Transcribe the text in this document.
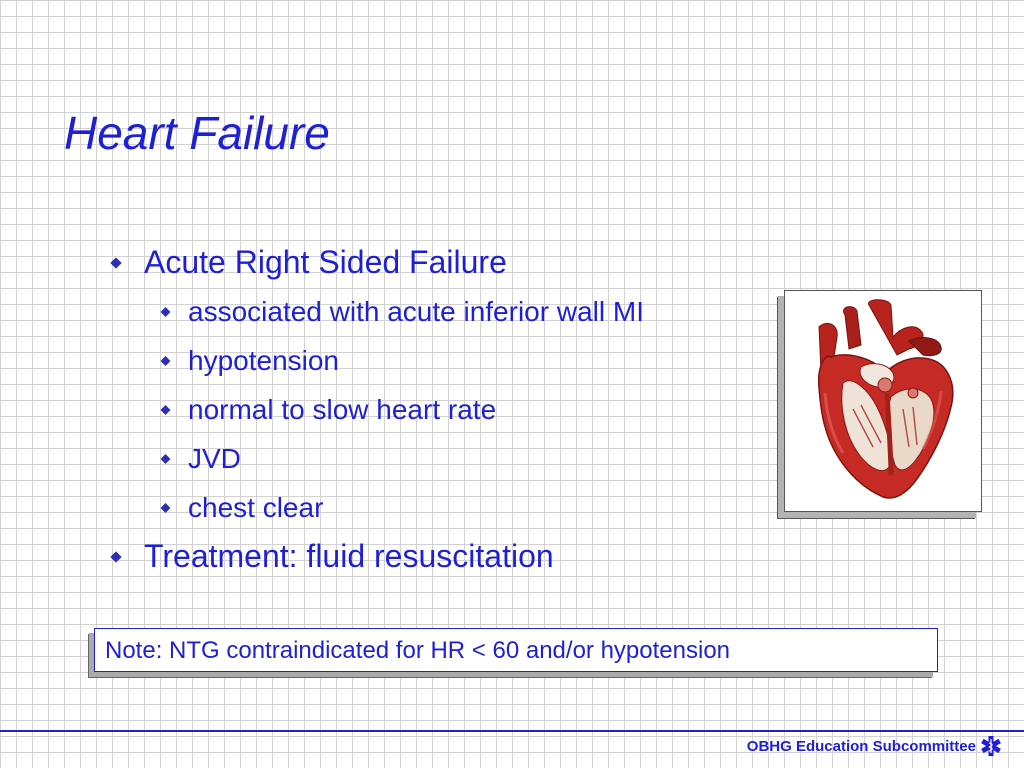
Heart Failure
Acute Right Sided Failure
associated with acute inferior wall MI
hypotension
normal to slow heart rate
JVD
chest clear
Treatment: fluid resuscitation
Note: NTG contraindicated for HR < 60 and/or hypotension
OBHG Education Subcommittee
